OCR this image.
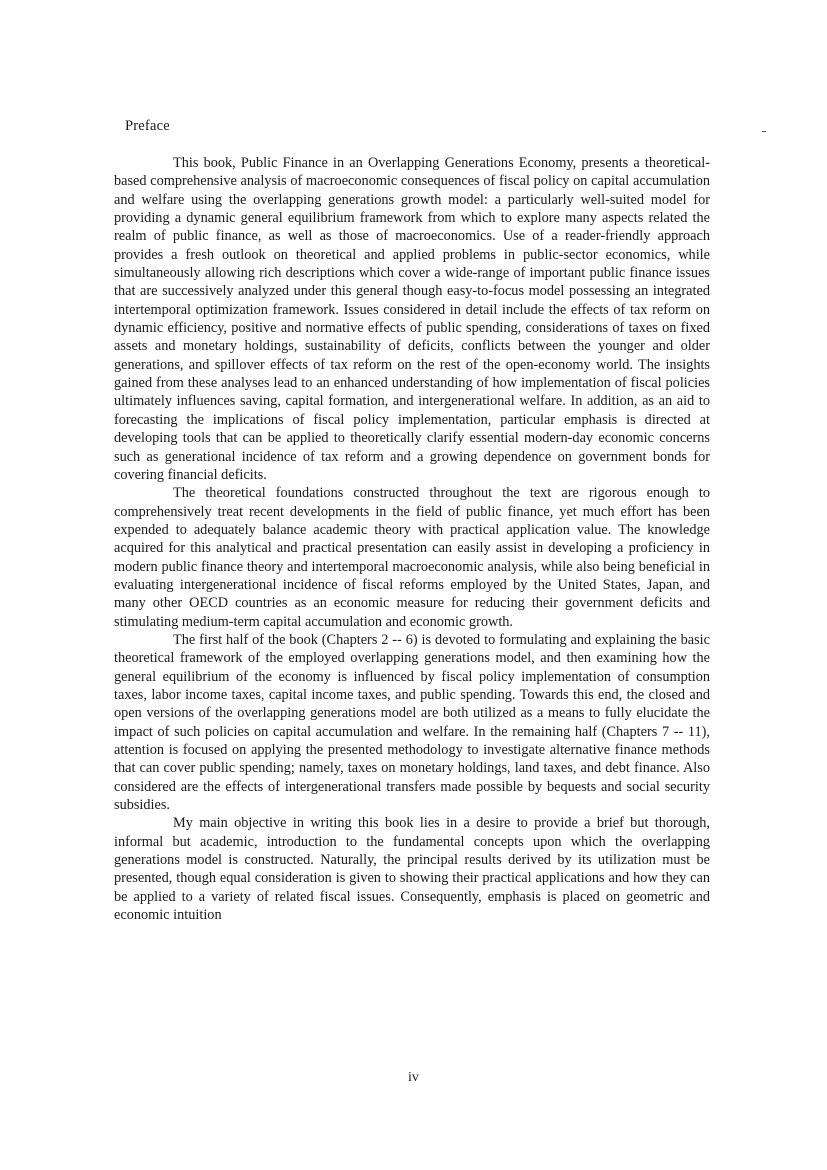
Preface

This book, Public Finance in an Overlapping Generations Economy, presents a theoretical-based comprehensive analysis of macroeconomic consequences of fiscal policy on capital accumulation and welfare using the overlapping generations growth model: a particularly well-suited model for providing a dynamic general equilibrium framework from which to explore many aspects related the realm of public finance, as well as those of macroeconomics. Use of a reader-friendly approach provides a fresh outlook on theoretical and applied problems in public-sector economics, while simultaneously allowing rich descriptions which cover a wide-range of important public finance issues that are successively analyzed under this general though easy-to-focus model possessing an integrated intertemporal optimization framework. Issues considered in detail include the effects of tax reform on dynamic efficiency, positive and normative effects of public spending, considerations of taxes on fixed assets and monetary holdings, sustainability of deficits, conflicts between the younger and older generations, and spillover effects of tax reform on the rest of the open-economy world. The insights gained from these analyses lead to an enhanced understanding of how implementation of fiscal policies ultimately influences saving, capital formation, and intergenerational welfare. In addition, as an aid to forecasting the implications of fiscal policy implementation, particular emphasis is directed at developing tools that can be applied to theoretically clarify essential modern-day economic concerns such as generational incidence of tax reform and a growing dependence on government bonds for covering financial deficits.

The theoretical foundations constructed throughout the text are rigorous enough to comprehensively treat recent developments in the field of public finance, yet much effort has been expended to adequately balance academic theory with practical application value. The knowledge acquired for this analytical and practical presentation can easily assist in developing a proficiency in modern public finance theory and intertemporal macroeconomic analysis, while also being beneficial in evaluating intergenerational incidence of fiscal reforms employed by the United States, Japan, and many other OECD countries as an economic measure for reducing their government deficits and stimulating medium-term capital accumulation and economic growth.

The first half of the book (Chapters 2 -- 6) is devoted to formulating and explaining the basic theoretical framework of the employed overlapping generations model, and then examining how the general equilibrium of the economy is influenced by fiscal policy implementation of consumption taxes, labor income taxes, capital income taxes, and public spending. Towards this end, the closed and open versions of the overlapping generations model are both utilized as a means to fully elucidate the impact of such policies on capital accumulation and welfare. In the remaining half (Chapters 7 -- 11), attention is focused on applying the presented methodology to investigate alternative finance methods that can cover public spending; namely, taxes on monetary holdings, land taxes, and debt finance. Also considered are the effects of intergenerational transfers made possible by bequests and social security subsidies.

My main objective in writing this book lies in a desire to provide a brief but thorough, informal but academic, introduction to the fundamental concepts upon which the overlapping generations model is constructed. Naturally, the principal results derived by its utilization must be presented, though equal consideration is given to showing their practical applications and how they can be applied to a variety of related fiscal issues. Consequently, emphasis is placed on geometric and economic intuition

iv
